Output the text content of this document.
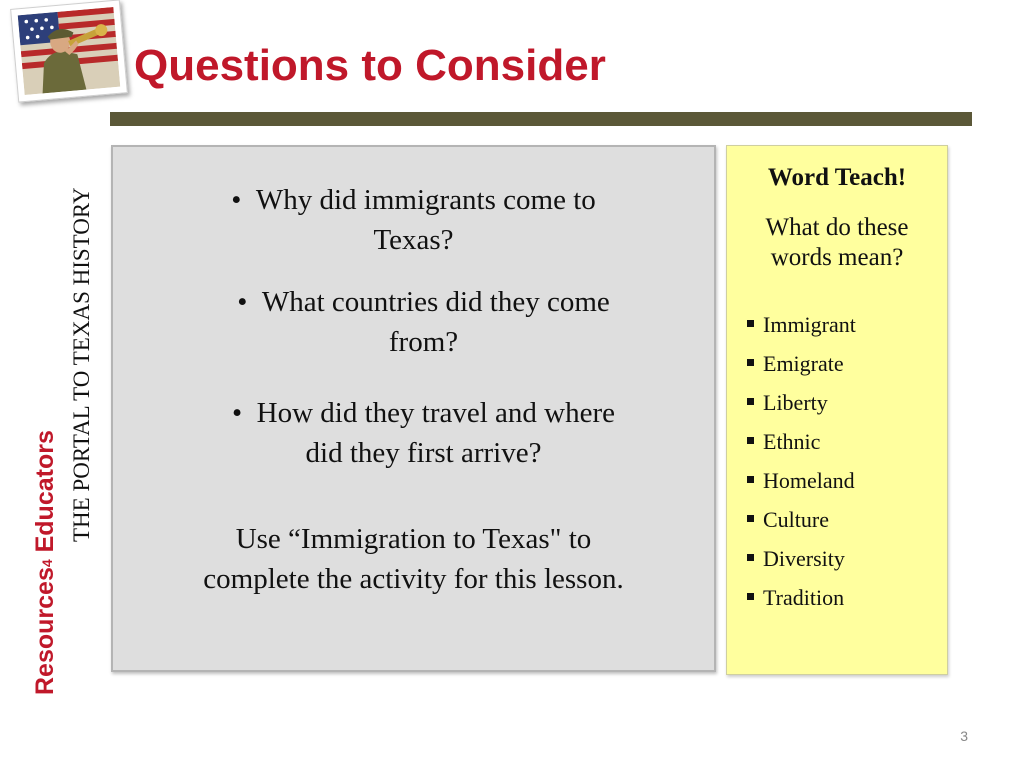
Questions to Consider
Resources$^4$ Educators THE PORTAL TO TEXAS HISTORY	• Why did immigrants come to
Texas?
• What countries did they come
from?
• How did they travel and where
did they first arrive?
Use “Immigration to Texas" to
complete the activity for this lesson.
Word Teach!
What do these
words mean?
Immigrant
Emigrate
Liberty
Ethnic
Homeland
Culture
Diversity
Tradition
3
